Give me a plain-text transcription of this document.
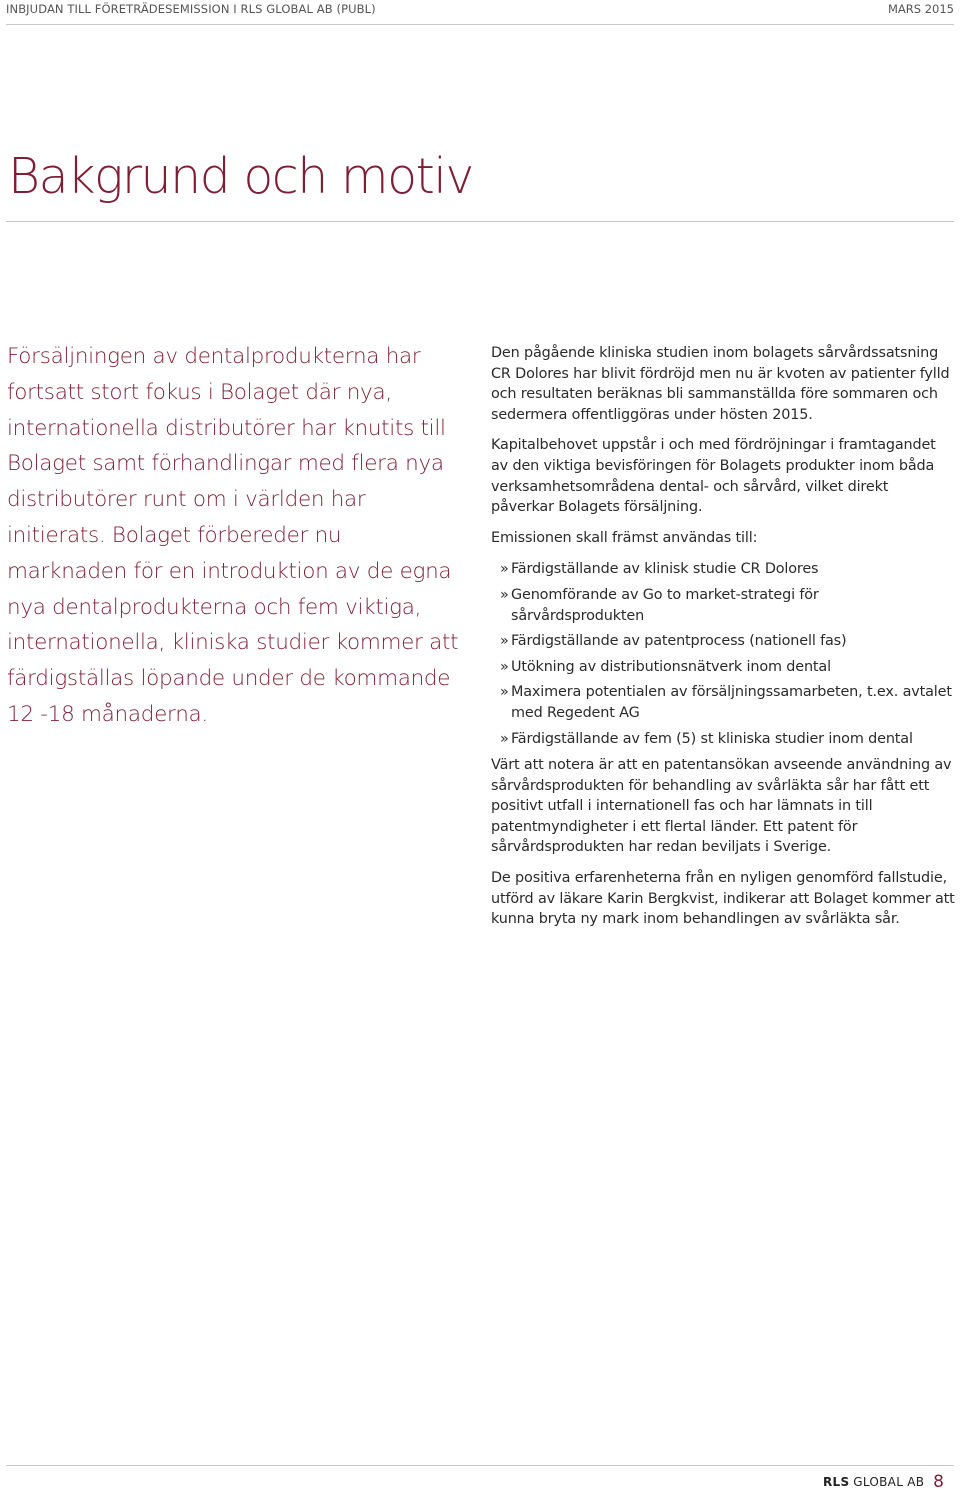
INBJUDAN TILL FÖRETRÄDESEMISSION I RLS GLOBAL AB (PUBL)	MARS 2015
Bakgrund och motiv

Försäljningen av dentalprodukterna har fortsatt stort fokus i Bolaget där nya, internationella distributörer har knutits till Bolaget samt förhandlingar med flera nya distributörer runt om i världen har initierats. Bolaget förbereder nu marknaden för en introduktion av de egna nya dentalprodukterna och fem viktiga, internationella, kliniska studier kommer att färdigställas löpande under de kommande 12 -18 månaderna.

Den pågående kliniska studien inom bolagets sårvårdssatsning CR Dolores har blivit fördröjd men nu är kvoten av patienter fylld och resultaten beräknas bli sammanställda före sommaren och sedermera offentliggöras under hösten 2015.

Kapitalbehovet uppstår i och med fördröjningar i framtagandet av den viktiga bevisföringen för Bolagets produkter inom båda verksamhetsområdena dental- och sårvård, vilket direkt påverkar Bolagets försäljning.

Emissionen skall främst användas till:

» Färdigställande av klinisk studie CR Dolores
» Genomförande av Go to market-strategi för sårvårdsprodukten
» Färdigställande av patentprocess (nationell fas)
» Utökning av distributionsnätverk inom dental
» Maximera potentialen av försäljningssamarbeten, t.ex. avtalet med Regedent AG
» Färdigställande av fem (5) st kliniska studier inom dental

Värt att notera är att en patentansökan avseende användning av sårvårdsprodukten för behandling av svårläkta sår har fått ett positivt utfall i internationell fas och har lämnats in till patentmyndigheter i ett flertal länder. Ett patent för sårvårdsprodukten har redan beviljats i Sverige.

De positiva erfarenheterna från en nyligen genomförd fallstudie, utförd av läkare Karin Bergkvist, indikerar att Bolaget kommer att kunna bryta ny mark inom behandlingen av svårläkta sår.

RLS GLOBAL AB 8
